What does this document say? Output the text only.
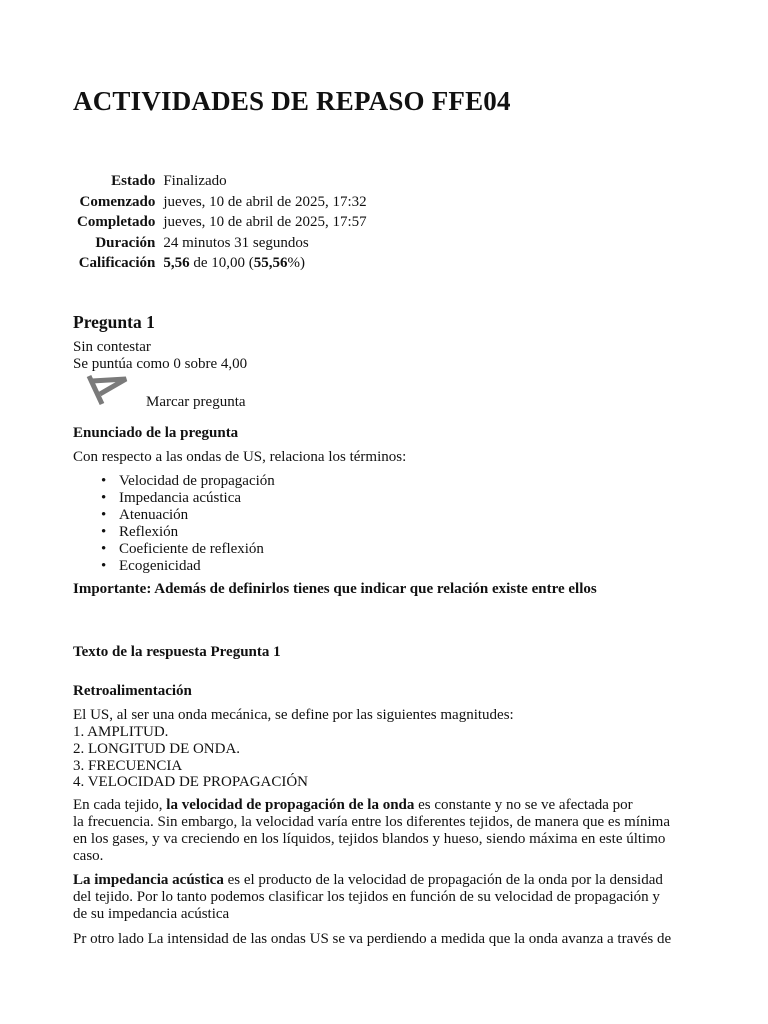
ACTIVIDADES DE REPASO FFE04
Estado	Finalizado
Comenzado	jueves, 10 de abril de 2025, 17:32
Completado	jueves, 10 de abril de 2025, 17:57
Duración	24 minutos 31 segundos
Calificación	5,56 de 10,00 (55,56%)
Pregunta 1
Sin contestar
Se puntúa como 0 sobre 4,00
Marcar pregunta
Enunciado de la pregunta
Con respecto a las ondas de US, relaciona los términos:
• Velocidad de propagación
• Impedancia acústica
• Atenuación
• Reflexión
• Coeficiente de reflexión
• Ecogenicidad
Importante: Además de definirlos tienes que indicar que relación existe entre ellos
Texto de la respuesta Pregunta 1
Retroalimentación
El US, al ser una onda mecánica, se define por las siguientes magnitudes:
1. AMPLITUD.
2. LONGITUD DE ONDA.
3. FRECUENCIA
4. VELOCIDAD DE PROPAGACIÓN
En cada tejido, la velocidad de propagación de la onda es constante y no se ve afectada por
la frecuencia. Sin embargo, la velocidad varía entre los diferentes tejidos, de manera que es mínima
en los gases, y va creciendo en los líquidos, tejidos blandos y hueso, siendo máxima en este último
caso.
La impedancia acústica es el producto de la velocidad de propagación de la onda por la densidad
del tejido. Por lo tanto podemos clasificar los tejidos en función de su velocidad de propagación y
de su impedancia acústica
Pr otro lado La intensidad de las ondas US se va perdiendo a medida que la onda avanza a través de
